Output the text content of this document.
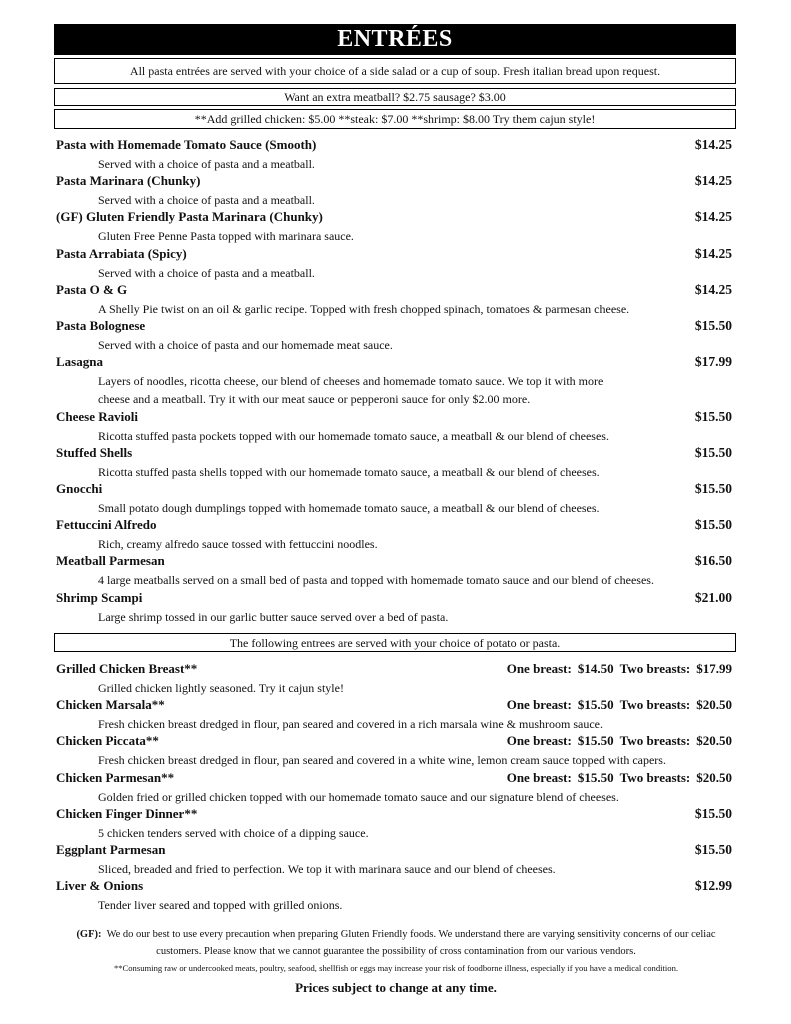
ENTRÉES
All pasta entrées are served with your choice of a side salad or a cup of soup. Fresh italian bread upon request.
Want an extra meatball? $2.75 sausage? $3.00
**Add grilled chicken: $5.00 **steak: $7.00 **shrimp: $8.00 Try them cajun style!
Pasta with Homemade Tomato Sauce (Smooth)	$14.25
Served with a choice of pasta and a meatball.
Pasta Marinara (Chunky)	$14.25
Served with a choice of pasta and a meatball.
(GF) Gluten Friendly Pasta Marinara (Chunky)	$14.25
Gluten Free Penne Pasta topped with marinara sauce.
Pasta Arrabiata (Spicy)	$14.25
Served with a choice of pasta and a meatball.
Pasta O & G	$14.25
A Shelly Pie twist on an oil & garlic recipe. Topped with fresh chopped spinach, tomatoes & parmesan cheese.
Pasta Bolognese	$15.50
Served with a choice of pasta and our homemade meat sauce.
Lasagna	$17.99
Layers of noodles, ricotta cheese, our blend of cheeses and homemade tomato sauce. We top it with more
cheese and a meatball. Try it with our meat sauce or pepperoni sauce for only $2.00 more.
Cheese Ravioli	$15.50
Ricotta stuffed pasta pockets topped with our homemade tomato sauce, a meatball & our blend of cheeses.
Stuffed Shells	$15.50
Ricotta stuffed pasta shells topped with our homemade tomato sauce, a meatball & our blend of cheeses.
Gnocchi	$15.50
Small potato dough dumplings topped with homemade tomato sauce, a meatball & our blend of cheeses.
Fettuccini Alfredo	$15.50
Rich, creamy alfredo sauce tossed with fettuccini noodles.
Meatball Parmesan	$16.50
4 large meatballs served on a small bed of pasta and topped with homemade tomato sauce and our blend of cheeses.
Shrimp Scampi	$21.00
Large shrimp tossed in our garlic butter sauce served over a bed of pasta.
The following entrees are served with your choice of potato or pasta.
Grilled Chicken Breast**	One breast: $14.50 Two breasts: $17.99
Grilled chicken lightly seasoned. Try it cajun style!
Chicken Marsala**	One breast: $15.50 Two breasts: $20.50
Fresh chicken breast dredged in flour, pan seared and covered in a rich marsala wine & mushroom sauce.
Chicken Piccata**	One breast: $15.50 Two breasts: $20.50
Fresh chicken breast dredged in flour, pan seared and covered in a white wine, lemon cream sauce topped with capers.
Chicken Parmesan**	One breast: $15.50 Two breasts: $20.50
Golden fried or grilled chicken topped with our homemade tomato sauce and our signature blend of cheeses.
Chicken Finger Dinner**	$15.50
5 chicken tenders served with choice of a dipping sauce.
Eggplant Parmesan	$15.50
Sliced, breaded and fried to perfection. We top it with marinara sauce and our blend of cheeses.
Liver & Onions	$12.99
Tender liver seared and topped with grilled onions.
(GF): We do our best to use every precaution when preparing Gluten Friendly foods. We understand there are varying sensitivity concerns of our celiac
customers. Please know that we cannot guarantee the possibility of cross contamination from our various vendors.
**Consuming raw or undercooked meats, poultry, seafood, shellfish or eggs may increase your risk of foodborne illness, especially if you have a medical condition.
Prices subject to change at any time.
